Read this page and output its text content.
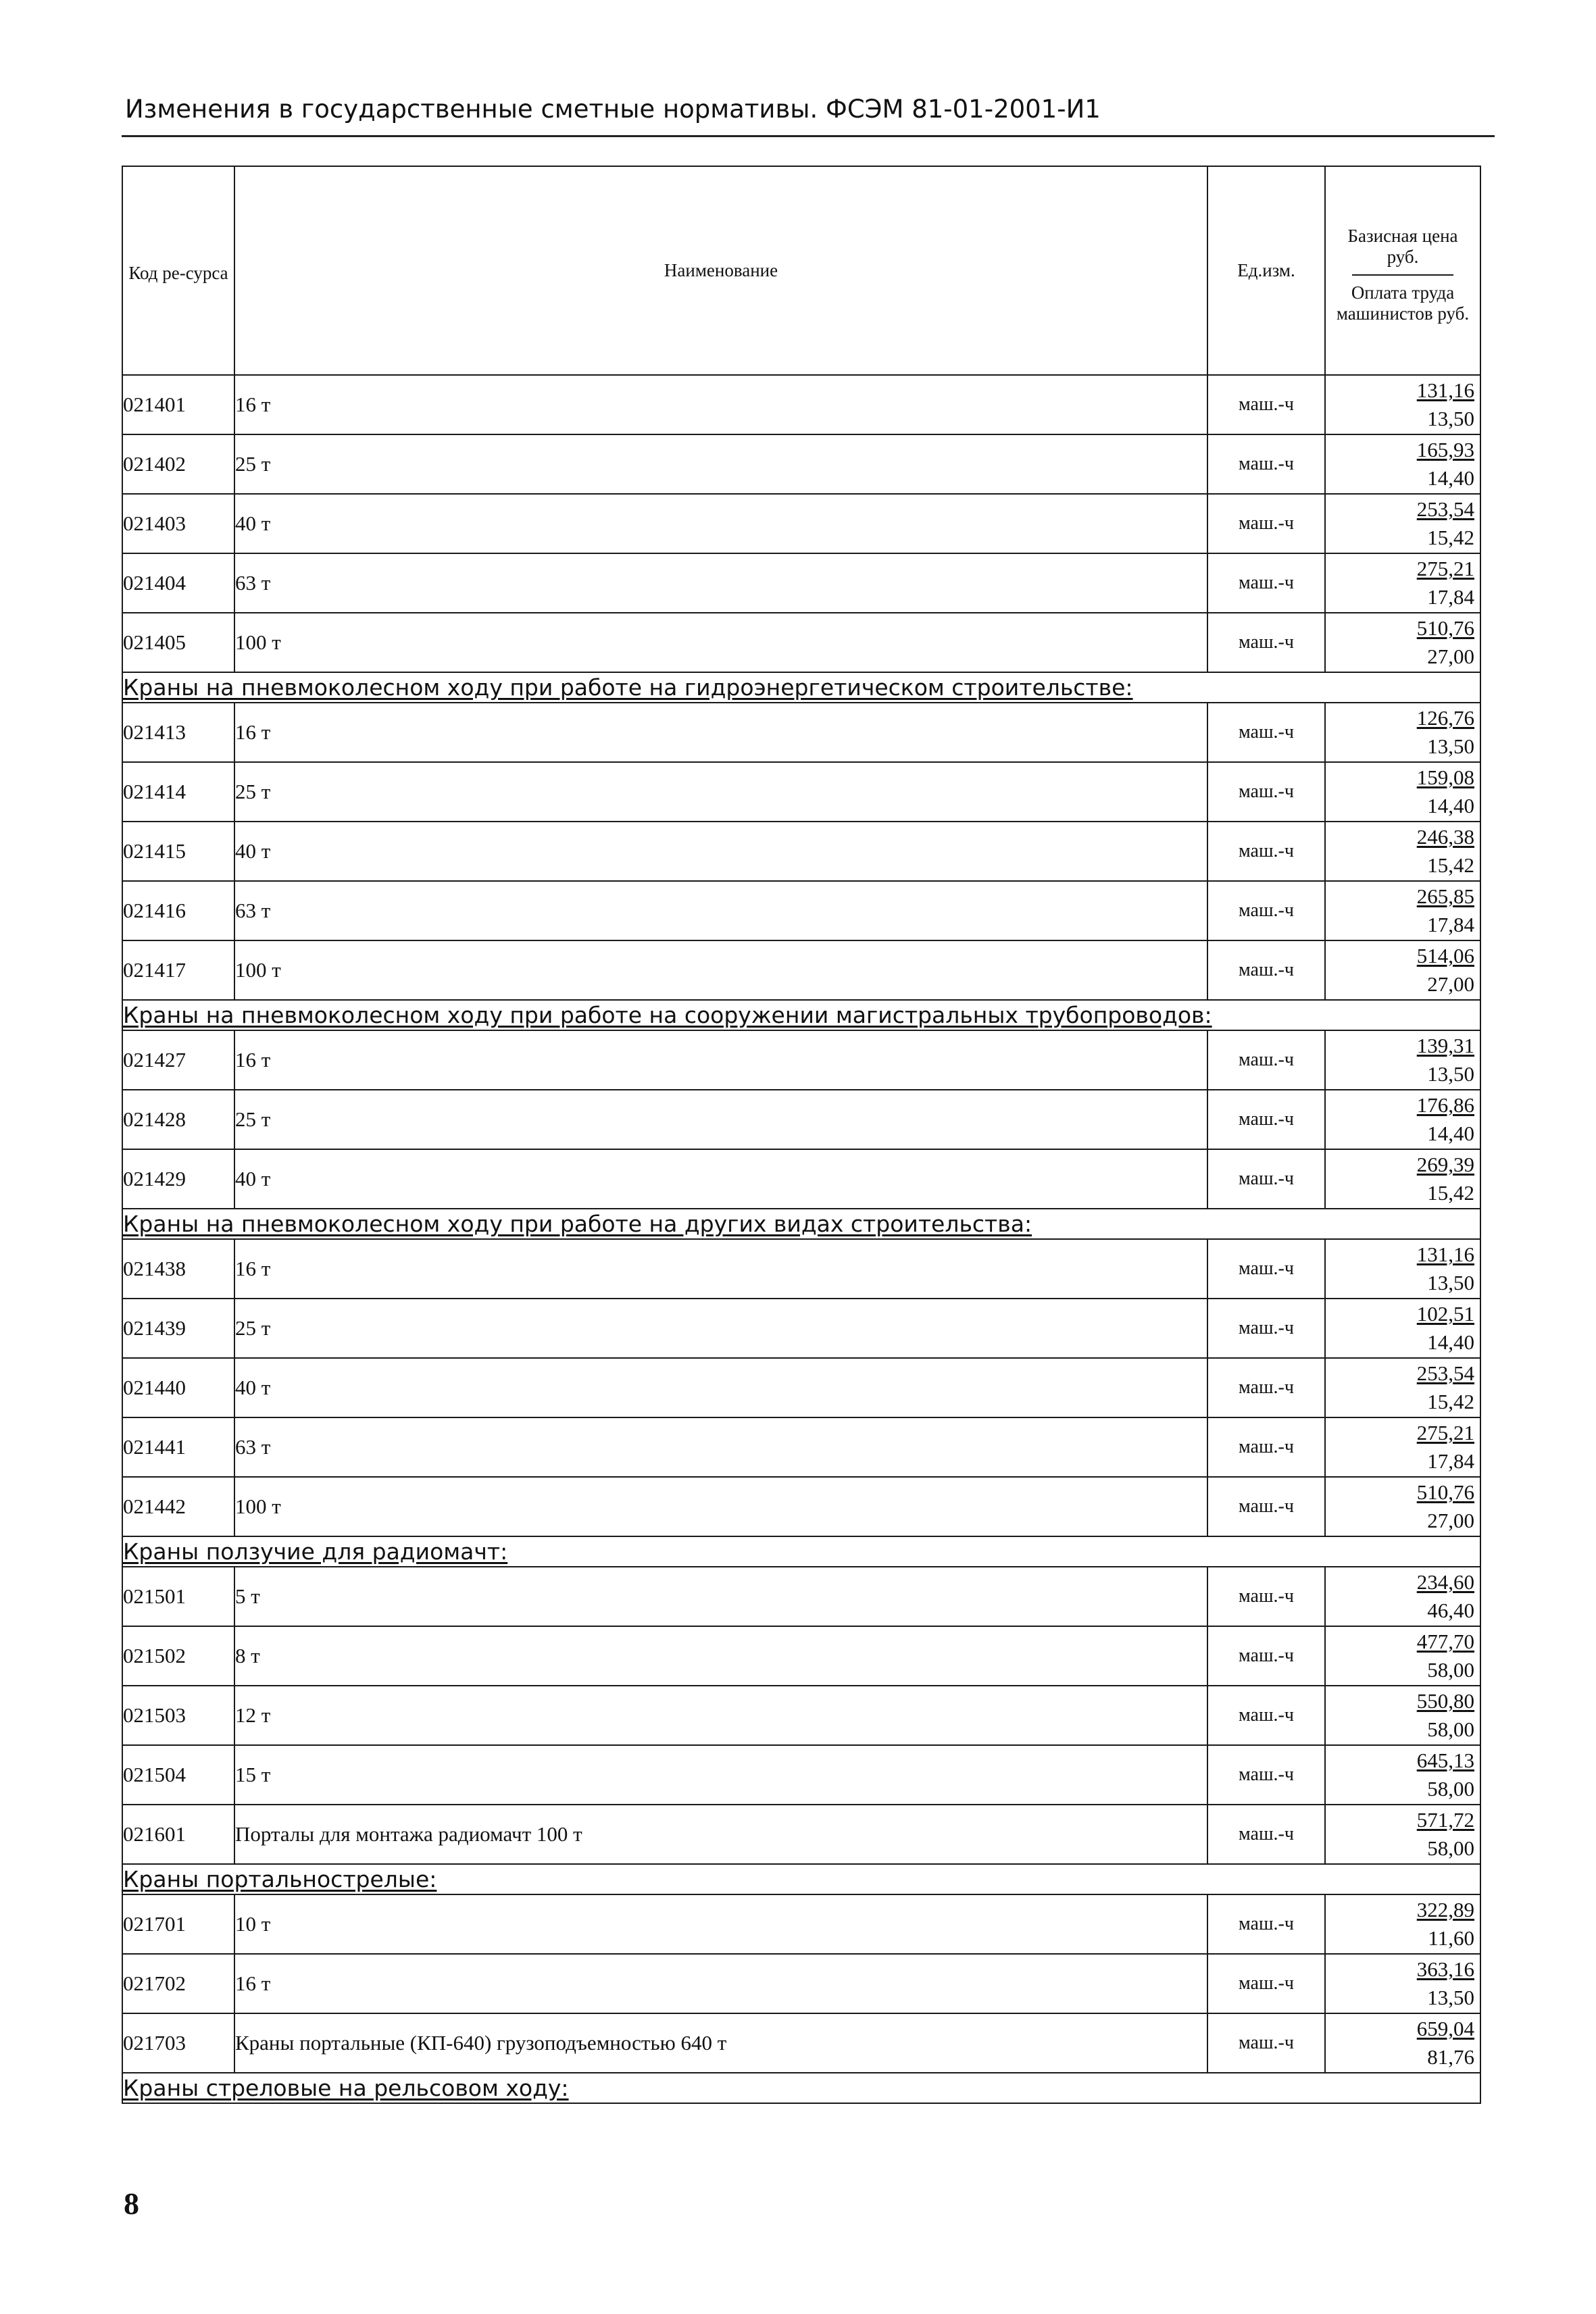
Изменения в государственные сметные нормативы. ФСЭМ 81-01-2001-И1
Код ре-сурса	Наименование	Ед.изм.	Базисная цена руб.
Оплата труда машинистов руб.

021401	16 т	маш.-ч	131,16
13,50

021402	25 т	маш.-ч	165,93
14,40

021403	40 т	маш.-ч	253,54
15,42

021404	63 т	маш.-ч	275,21
17,84

021405	100 т	маш.-ч	510,76
27,00

Краны на пневмоколесном ходу при работе на гидроэнергетическом строительстве:			
021413	16 т	маш.-ч	126,76
13,50

021414	25 т	маш.-ч	159,08
14,40

021415	40 т	маш.-ч	246,38
15,42

021416	63 т	маш.-ч	265,85
17,84

021417	100 т	маш.-ч	514,06
27,00

Краны на пневмоколесном ходу при работе на сооружении магистральных трубопроводов:			
021427	16 т	маш.-ч	139,31
13,50

021428	25 т	маш.-ч	176,86
14,40

021429	40 т	маш.-ч	269,39
15,42

Краны на пневмоколесном ходу при работе на других видах строительства:			
021438	16 т	маш.-ч	131,16
13,50

021439	25 т	маш.-ч	102,51
14,40

021440	40 т	маш.-ч	253,54
15,42

021441	63 т	маш.-ч	275,21
17,84

021442	100 т	маш.-ч	510,76
27,00

Краны ползучие для радиомачт:			
021501	5 т	маш.-ч	234,60
46,40

021502	8 т	маш.-ч	477,70
58,00

021503	12 т	маш.-ч	550,80
58,00

021504	15 т	маш.-ч	645,13
58,00

021601	Порталы для монтажа радиомачт 100 т	маш.-ч	571,72
58,00

Краны портальнострелые:			
021701	10 т	маш.-ч	322,89
11,60

021702	16 т	маш.-ч	363,16
13,50

021703	Краны портальные (КП-640) грузоподъемностью 640 т	маш.-ч	659,04
81,76

Краны стреловые на рельсовом ходу:			
8
